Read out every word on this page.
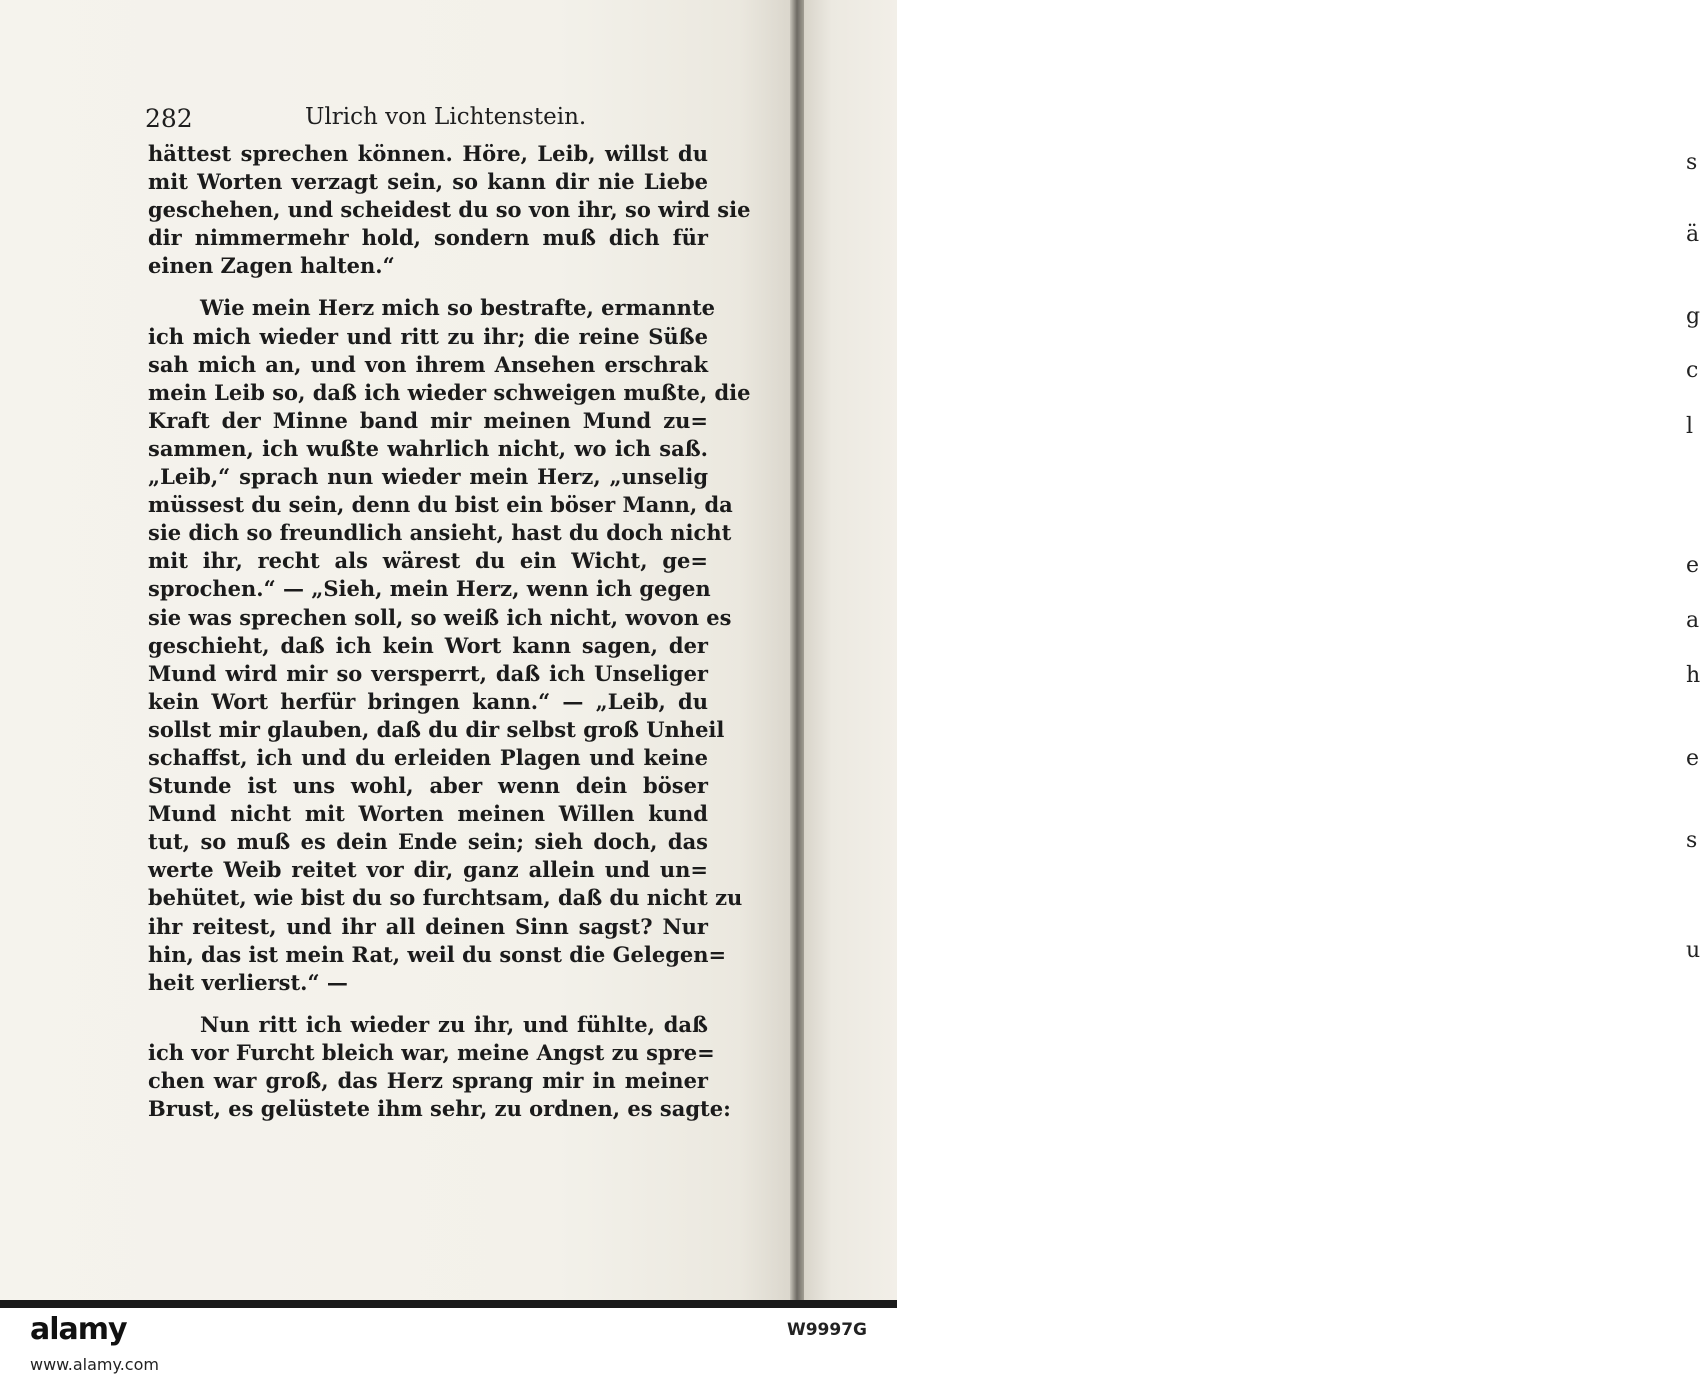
282	Ulrich von Lichtenstein.
hättest sprechen können. Höre, Leib, willst du
mit Worten verzagt sein, so kann dir nie Liebe
geschehen, und scheidest du so von ihr, so wird sie
dir nimmermehr hold, sondern muß dich für
einen Zagen halten.“
Wie mein Herz mich so bestrafte, ermannte
ich mich wieder und ritt zu ihr; die reine Süße
sah mich an, und von ihrem Ansehen erschrak
mein Leib so, daß ich wieder schweigen mußte, die
Kraft der Minne band mir meinen Mund zu=
sammen, ich wußte wahrlich nicht, wo ich saß.
„Leib,“ sprach nun wieder mein Herz, „unselig
müssest du sein, denn du bist ein böser Mann, da
sie dich so freundlich ansieht, hast du doch nicht
mit ihr, recht als wärest du ein Wicht, ge=
sprochen.“ — „Sieh, mein Herz, wenn ich gegen
sie was sprechen soll, so weiß ich nicht, wovon es
geschieht, daß ich kein Wort kann sagen, der
Mund wird mir so versperrt, daß ich Unseliger
kein Wort herfür bringen kann.“ — „Leib, du
sollst mir glauben, daß du dir selbst groß Unheil
schaffst, ich und du erleiden Plagen und keine
Stunde ist uns wohl, aber wenn dein böser
Mund nicht mit Worten meinen Willen kund
tut, so muß es dein Ende sein; sieh doch, das
werte Weib reitet vor dir, ganz allein und un=
behütet, wie bist du so furchtsam, daß du nicht zu
ihr reitest, und ihr all deinen Sinn sagst? Nur
hin, das ist mein Rat, weil du sonst die Gelegen=
heit verlierst.“ —
Nun ritt ich wieder zu ihr, und fühlte, daß
ich vor Furcht bleich war, meine Angst zu spre=
chen war groß, das Herz sprang mir in meiner
Brust, es gelüstete ihm sehr, zu ordnen, es sagte:
s
ä
g
c
l
e
a
h
e
s
u
alamy	W9997G
www.alamy.com
